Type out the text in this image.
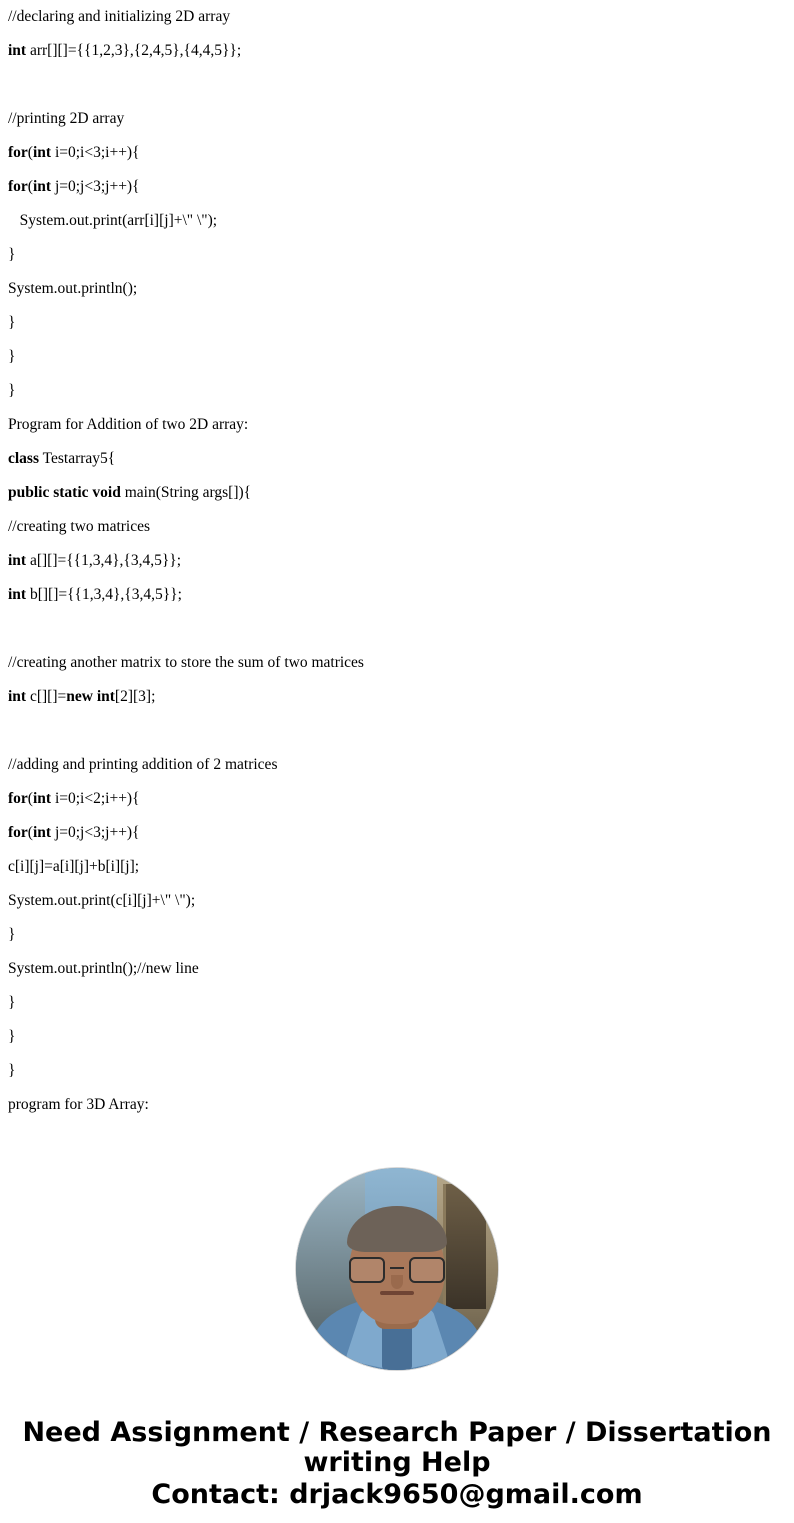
//declaring and initializing 2D array
int arr[][]={{1,2,3},{2,4,5},{4,4,5}};

//printing 2D array
for(int i=0;i<3;i++){
for(int j=0;j<3;j++){
System.out.print(arr[i][j]+\" \");
}
System.out.println();
}
}
}
Program for Addition of two 2D array:
class Testarray5{
public static void main(String args[]){
//creating two matrices
int a[][]={{1,3,4},{3,4,5}};
int b[][]={{1,3,4},{3,4,5}};

//creating another matrix to store the sum of two matrices
int c[][]=new int[2][3];

//adding and printing addition of 2 matrices
for(int i=0;i<2;i++){
for(int j=0;j<3;j++){
c[i][j]=a[i][j]+b[i][j];
System.out.print(c[i][j]+\" \");
}
System.out.println();//new line
}
}
}
program for 3D Array:
Need Assignment / Research Paper / Dissertation
writing Help
Contact: drjack9650@gmail.com
